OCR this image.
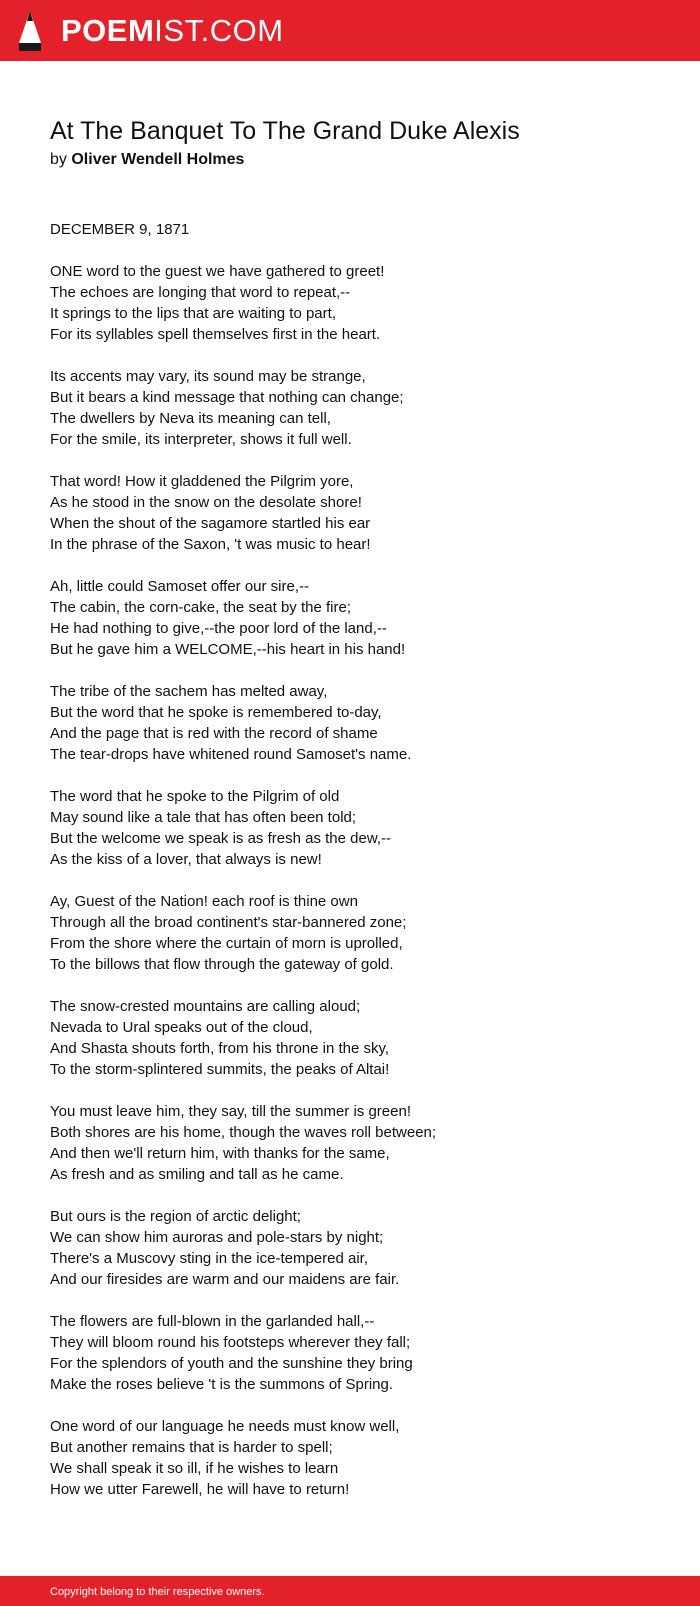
POEMIST.COM
At The Banquet To The Grand Duke Alexis
by Oliver Wendell Holmes
DECEMBER 9, 1871
ONE word to the guest we have gathered to greet!
The echoes are longing that word to repeat,--
It springs to the lips that are waiting to part,
For its syllables spell themselves first in the heart.
Its accents may vary, its sound may be strange,
But it bears a kind message that nothing can change;
The dwellers by Neva its meaning can tell,
For the smile, its interpreter, shows it full well.
That word! How it gladdened the Pilgrim yore,
As he stood in the snow on the desolate shore!
When the shout of the sagamore startled his ear
In the phrase of the Saxon, 't was music to hear!
Ah, little could Samoset offer our sire,--
The cabin, the corn-cake, the seat by the fire;
He had nothing to give,--the poor lord of the land,--
But he gave him a WELCOME,--his heart in his hand!
The tribe of the sachem has melted away,
But the word that he spoke is remembered to-day,
And the page that is red with the record of shame
The tear-drops have whitened round Samoset's name.
The word that he spoke to the Pilgrim of old
May sound like a tale that has often been told;
But the welcome we speak is as fresh as the dew,--
As the kiss of a lover, that always is new!
Ay, Guest of the Nation! each roof is thine own
Through all the broad continent's star-bannered zone;
From the shore where the curtain of morn is uprolled,
To the billows that flow through the gateway of gold.
The snow-crested mountains are calling aloud;
Nevada to Ural speaks out of the cloud,
And Shasta shouts forth, from his throne in the sky,
To the storm-splintered summits, the peaks of Altai!
You must leave him, they say, till the summer is green!
Both shores are his home, though the waves roll between;
And then we'll return him, with thanks for the same,
As fresh and as smiling and tall as he came.
But ours is the region of arctic delight;
We can show him auroras and pole-stars by night;
There's a Muscovy sting in the ice-tempered air,
And our firesides are warm and our maidens are fair.
The flowers are full-blown in the garlanded hall,--
They will bloom round his footsteps wherever they fall;
For the splendors of youth and the sunshine they bring
Make the roses believe 't is the summons of Spring.
One word of our language he needs must know well,
But another remains that is harder to spell;
We shall speak it so ill, if he wishes to learn
How we utter Farewell, he will have to return!
Copyright belong to their respective owners.
